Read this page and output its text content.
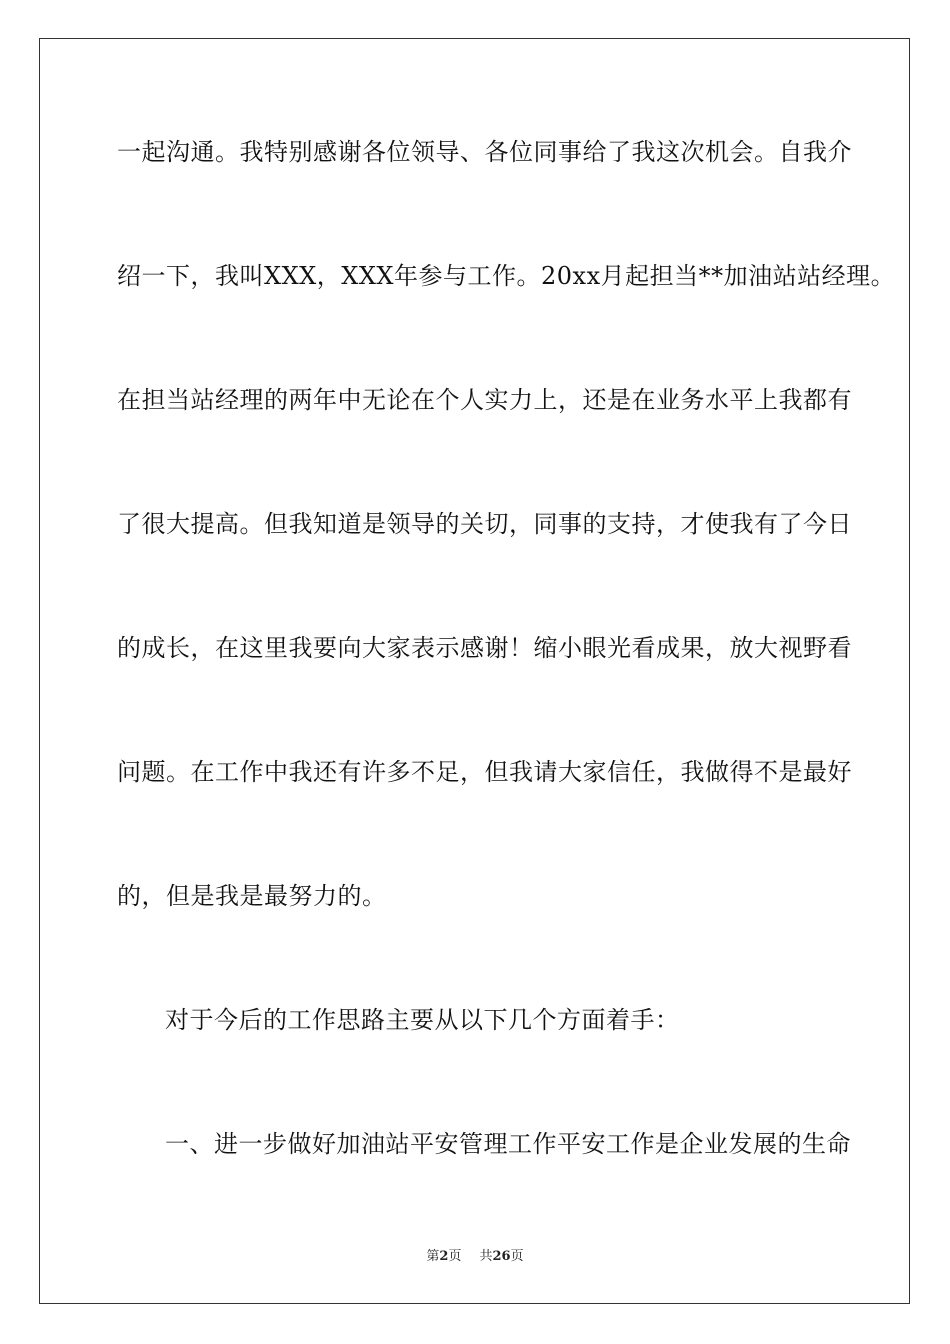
一起沟通。我特别感谢各位领导、各位同事给了我这次机会。自我介
绍一下，我叫XXX，XXX年参与工作。20xx月起担当**加油站站经理。
在担当站经理的两年中无论在个人实力上，还是在业务水平上我都有
了很大提高。但我知道是领导的关切，同事的支持，才使我有了今日
的成长，在这里我要向大家表示感谢！缩小眼光看成果，放大视野看
问题。在工作中我还有许多不足，但我请大家信任，我做得不是最好
的，但是我是最努力的。
对于今后的工作思路主要从以下几个方面着手：
一、进一步做好加油站平安管理工作平安工作是企业发展的生命
第2页 共26页
